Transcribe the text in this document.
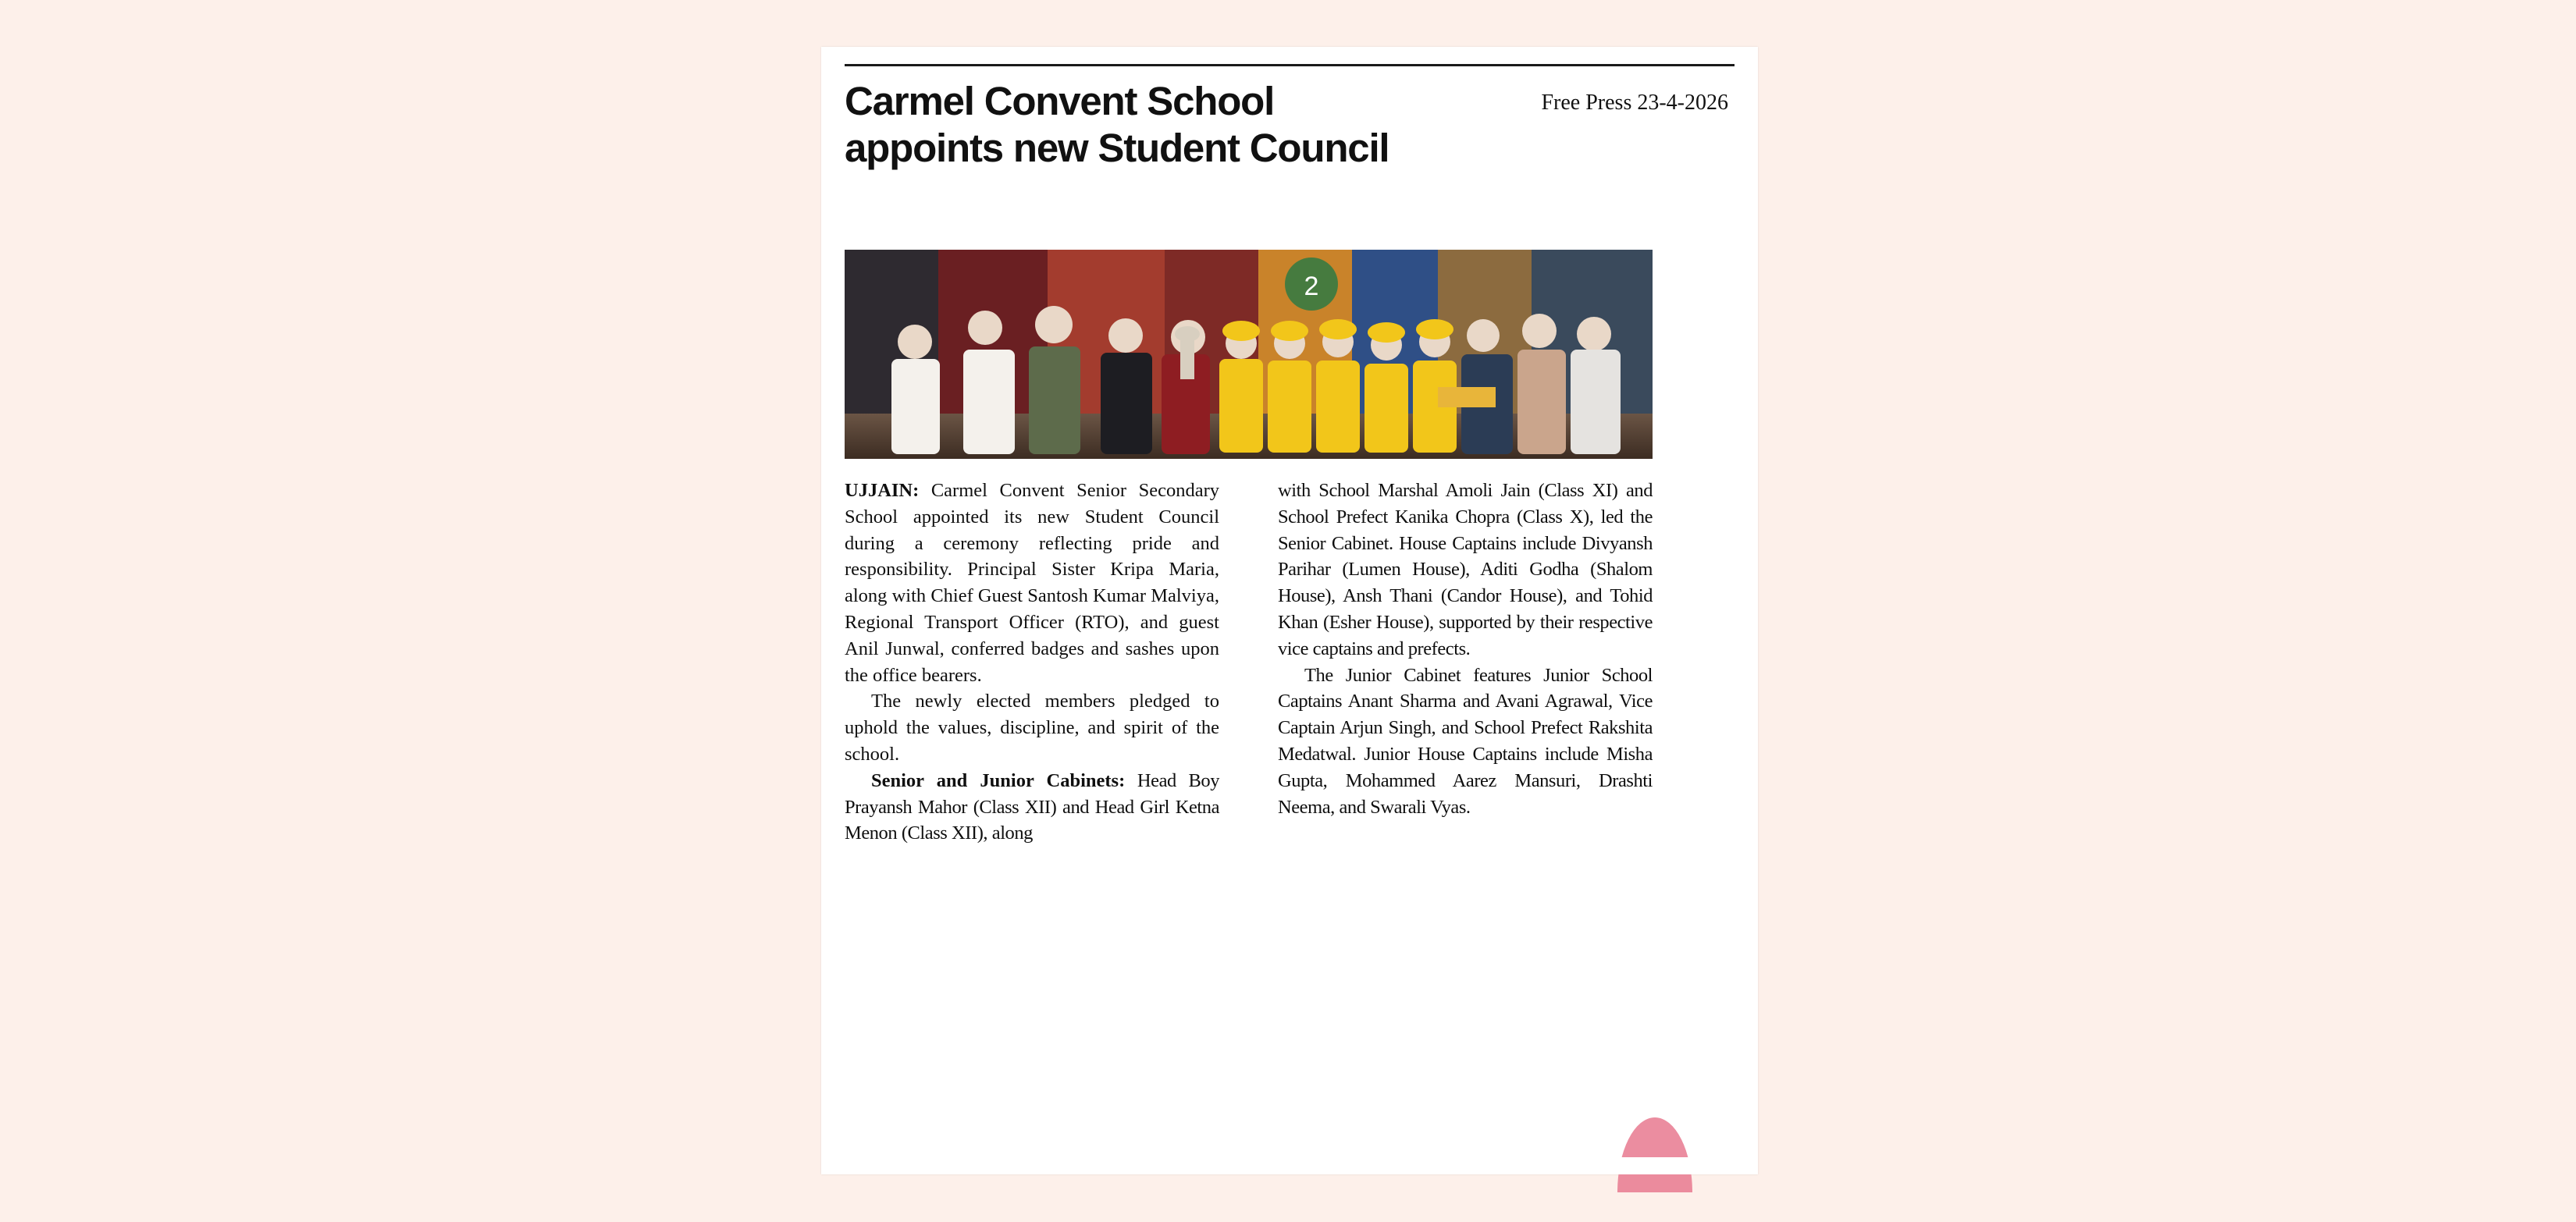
Carmel Convent School
appoints new Student Council
Free Press 23-4-2026
2

UJJAIN: Carmel Convent Senior Secondary School appointed its new Student Council during a ceremony reflecting pride and responsibility. Principal Sister Kripa Maria, along with Chief Guest Santosh Kumar Malviya, Regional Transport Officer (RTO), and guest Anil Junwal, conferred badges and sashes upon the office bearers.

The newly elected members pledged to uphold the values, discipline, and spirit of the school.

Senior and Junior Cabinets: Head Boy Prayansh Mahor (Class XII) and Head Girl Ketna Menon (Class XII), along

with School Marshal Amoli Jain (Class XI) and School Prefect Kanika Chopra (Class X), led the Senior Cabinet. House Captains include Divyansh Parihar (Lumen House), Aditi Godha (Shalom House), Ansh Thani (Candor House), and Tohid Khan (Esher House), supported by their respective vice captains and prefects.

The Junior Cabinet features Junior School Captains Anant Sharma and Avani Agrawal, Vice Captain Arjun Singh, and School Prefect Rakshita Medatwal. Junior House Captains include Misha Gupta, Mohammed Aarez Mansuri, Drashti Neema, and Swarali Vyas.
